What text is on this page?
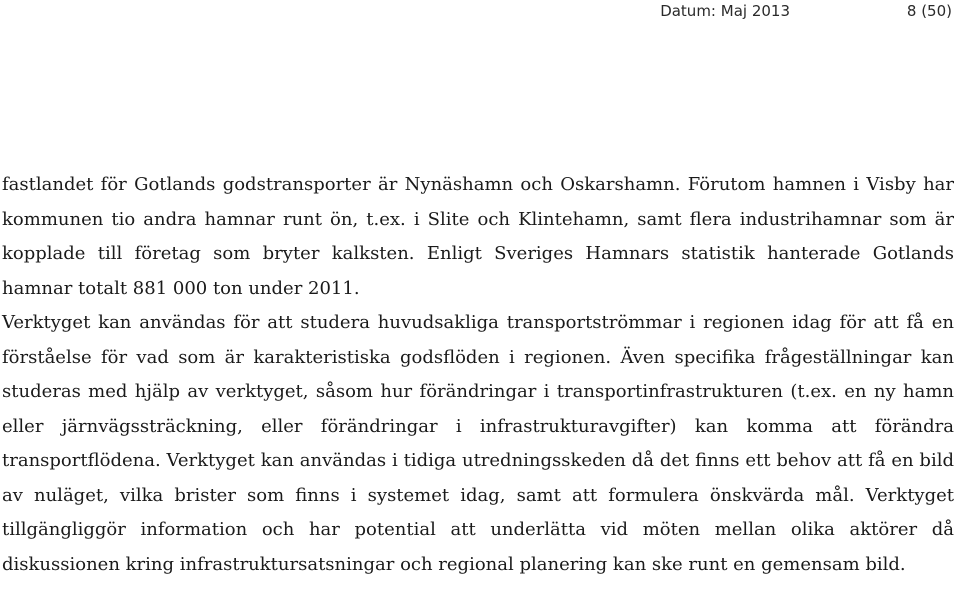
Datum: Maj 2013	8 (50)

fastlandet för Gotlands godstransporter är Nynäshamn och Oskarshamn. Förutom hamnen i Visby har kommunen tio andra hamnar runt ön, t.ex. i Slite och Klintehamn, samt flera industrihamnar som är kopplade till företag som bryter kalksten. Enligt Sveriges Hamnars statistik hanterade Gotlands hamnar totalt 881 000 ton under 2011.

Verktyget kan användas för att studera huvudsakliga transportströmmar i regionen idag för att få en förståelse för vad som är karakteristiska godsflöden i regionen. Även specifika frågeställningar kan studeras med hjälp av verktyget, såsom hur förändringar i transportinfrastrukturen (t.ex. en ny hamn eller järnvägssträckning, eller förändringar i infrastrukturavgifter) kan komma att förändra transportflödena. Verktyget kan användas i tidiga utredningsskeden då det finns ett behov att få en bild av nuläget, vilka brister som finns i systemet idag, samt att formulera önskvärda mål. Verktyget tillgängliggör information och har potential att underlätta vid möten mellan olika aktörer då diskussionen kring infrastruktursatsningar och regional planering kan ske runt en gemensam bild.
